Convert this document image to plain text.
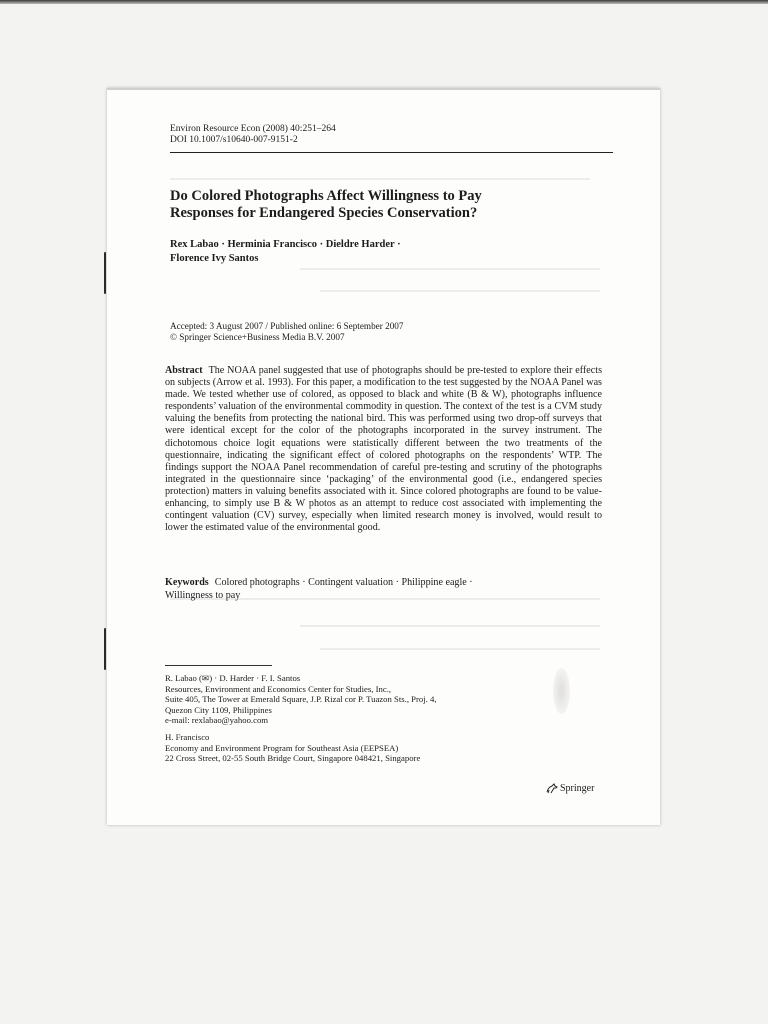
Environ Resource Econ (2008) 40:251–264
DOI 10.1007/s10640-007-9151-2
Do Colored Photographs Affect Willingness to Pay
Responses for Endangered Species Conservation?
Rex Labao · Herminia Francisco · Dieldre Harder ·
Florence Ivy Santos
Accepted: 3 August 2007 / Published online: 6 September 2007
© Springer Science+Business Media B.V. 2007

Abstract The NOAA panel suggested that use of photographs should be pre-tested to explore their effects on subjects (Arrow et al. 1993). For this paper, a modification to the test suggested by the NOAA Panel was made. We tested whether use of colored, as opposed to black and white (B & W), photographs influence respondents’ valuation of the environmental commodity in question. The context of the test is a CVM study valuing the benefits from protecting the national bird. This was performed using two drop-off surveys that were identical except for the color of the photographs incorporated in the survey instrument. The dichotomous choice logit equations were statistically different between the two treatments of the questionnaire, indicating the significant effect of colored photographs on the respondents’ WTP. The findings support the NOAA Panel recommendation of careful pre-testing and scrutiny of the photographs integrated in the questionnaire since ‘packaging’ of the environmental good (i.e., endangered species protection) matters in valuing benefits associated with it. Since colored photographs are found to be value-enhancing, to simply use B & W photos as an attempt to reduce cost associated with implementing the contingent valuation (CV) survey, especially when limited research money is involved, would result to lower the estimated value of the environmental good.

Keywords Colored photographs · Contingent valuation · Philippine eagle · Willingness to pay
R. Labao (✉) · D. Harder · F. I. Santos
Resources, Environment and Economics Center for Studies, Inc.,
Suite 405, The Tower at Emerald Square, J.P. Rizal cor P. Tuazon Sts., Proj. 4,
Quezon City 1109, Philippines
e-mail: rexlabao@yahoo.com
H. Francisco
Economy and Environment Program for Southeast Asia (EEPSEA)
22 Cross Street, 02-55 South Bridge Court, Singapore 048421, Singapore
Springer
